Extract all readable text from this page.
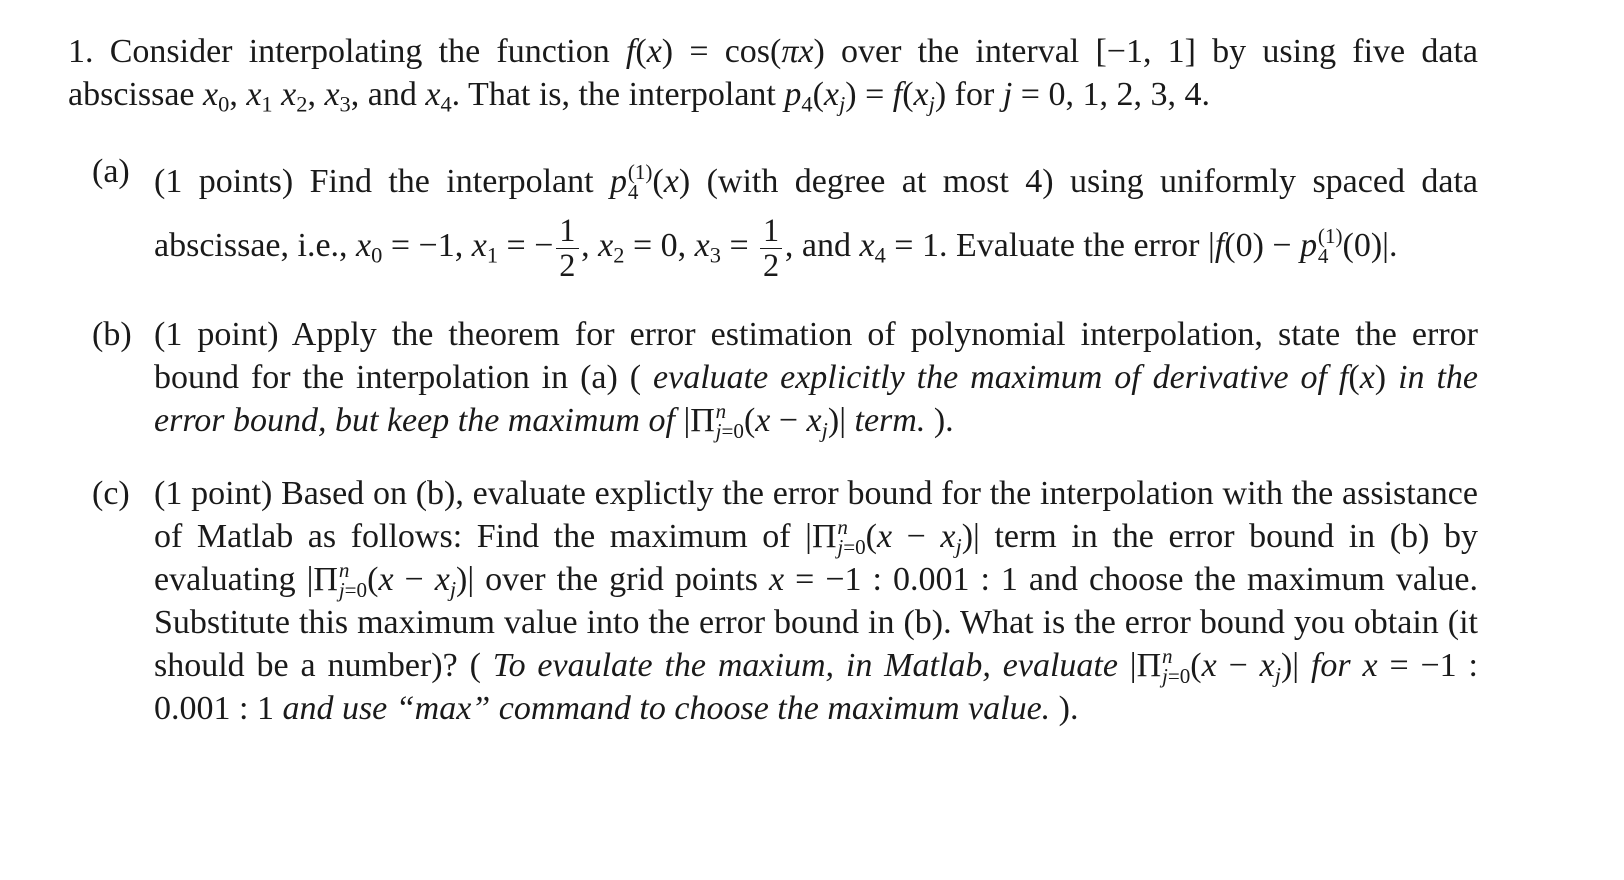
1. Consider interpolating the function f(x) = cos(πx) over the interval [−1, 1] by using five data abscissae $x_0$, $x_1$ $x_2$, $x_3$, and $x_4$. That is, the interpolant $p_4(x_j) = f(x_j)$ for j = 0, 1, 2, 3, 4.
(a) (1 points) Find the interpolant p (1)
4 (x) (with degree at most 4) using uniformly spaced data abscissae, i.e., $x_0 = -1$, $x_1$ = − $\frac{1}{2}$ , $x_2 = 0$, $x_3 = \frac{1}{2}$ , and $x_4 = 1$. Evaluate the error |f(0) − p (1)
4 (0)|.
(b) (1 point) Apply the theorem for error estimation of polynomial interpolation, state the error bound for the interpolation in (a) ( evaluate explicitly the maximum of derivative of f(x) in the error bound, but keep the maximum of |Π n
j=0 $(x - x_j)|$ term. ).
(c) (1 point) Based on (b), evaluate explictly the error bound for the interpolation with the assistance of Matlab as follows: Find the maximum of |Π n
j=0 $(x - x_j)|$ term in the error bound in (b) by evaluating |Π n
j=0 $(x - x_j)|$ over the grid points x = −1 : 0.001 : 1 and choose the maximum value. Substitute this maximum value into the error bound in (b). What is the error bound you obtain (it should be a number)? ( To evaulate the maxium, in Matlab, evaluate |Π n
j=0 $(x - x_j)|$ for x = −1 : 0.001 : 1 and use “max” command to choose the maximum value. ).
